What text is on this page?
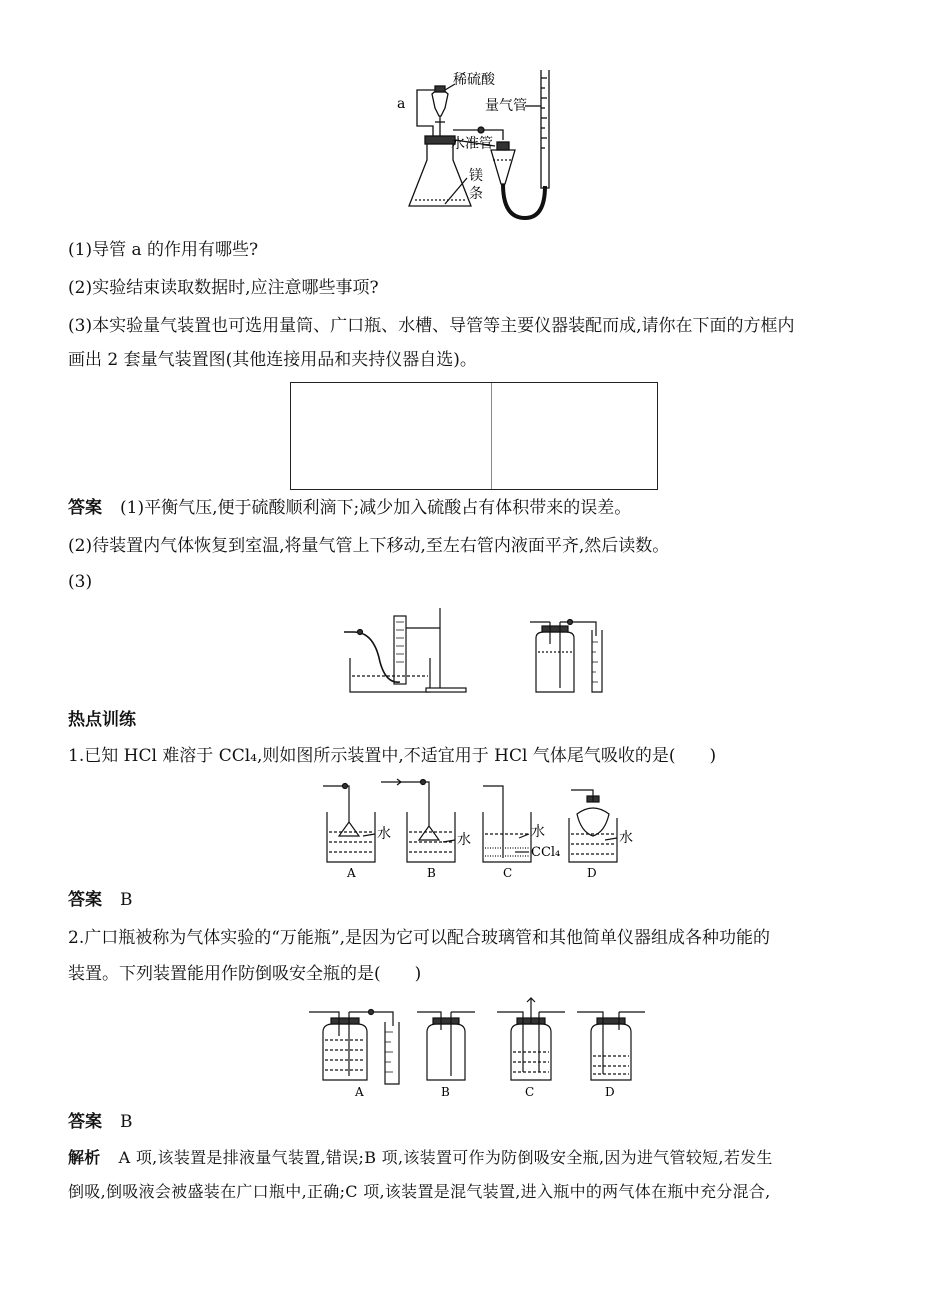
a
稀硫酸
量气管
水准管
镁
条
(1)导管 a 的作用有哪些?
(2)实验结束读取数据时,应注意哪些事项?
(3)本实验量气装置也可选用量筒、广口瓶、水槽、导管等主要仪器装配而成,请你在下面的方框内
画出 2 套量气装置图(其他连接用品和夹持仪器自选)。
答案 (1)平衡气压,便于硫酸顺利滴下;减少加入硫酸占有体积带来的误差。
(2)待装置内气体恢复到室温,将量气管上下移动,至左右管内液面平齐,然后读数。
(3)
热点训练
1.已知 HCl 难溶于 CCl₄,则如图所示装置中,不适宜用于 HCl 气体尾气吸收的是(　　)
水	水	水
CCl₄
水
A	B	C	D
答案 B
2.广口瓶被称为气体实验的“万能瓶”,是因为它可以配合玻璃管和其他简单仪器组成各种功能的
装置。下列装置能用作防倒吸安全瓶的是(　　)
A	B	C	D
答案 B
解析 A 项,该装置是排液量气装置,错误;B 项,该装置可作为防倒吸安全瓶,因为进气管较短,若发生
倒吸,倒吸液会被盛装在广口瓶中,正确;C 项,该装置是混气装置,进入瓶中的两气体在瓶中充分混合,
